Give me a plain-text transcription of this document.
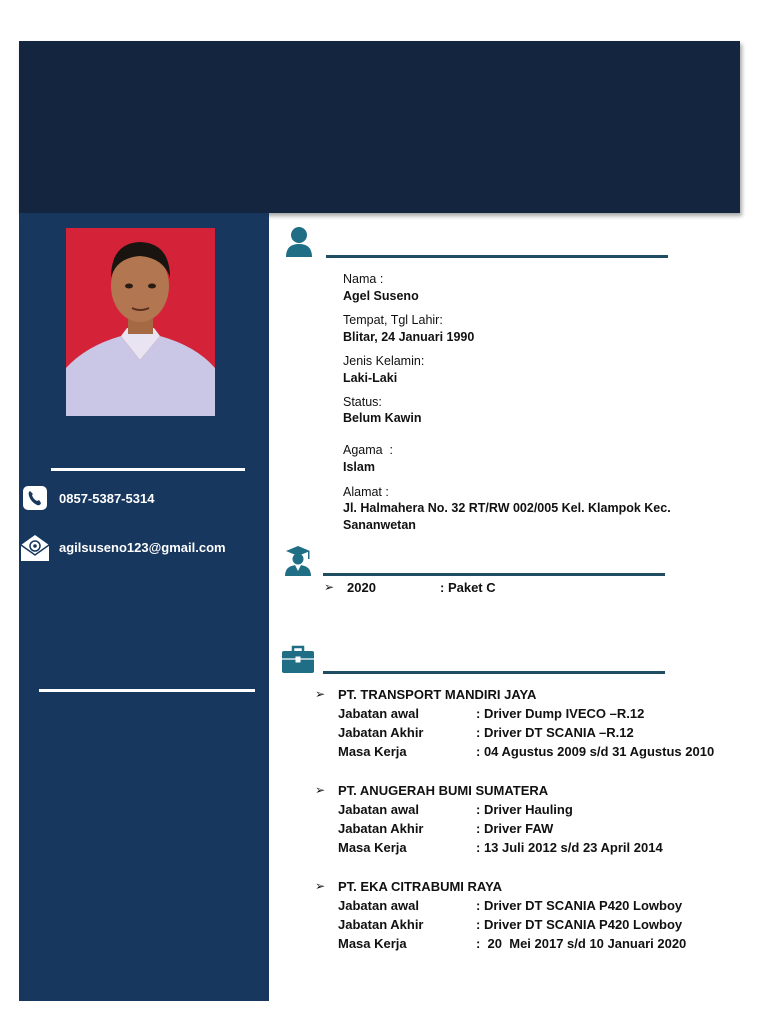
0857-5387-5314
agilsuseno123@gmail.com
Nama :
Agel Suseno
Tempat, Tgl Lahir:
Blitar, 24 Januari 1990
Jenis Kelamin:
Laki-Laki
Status:
Belum Kawin
Agama  :
Islam
Alamat :
Jl. Halmahera No. 32 RT/RW 002/005 Kel. Klampok Kec.
Sananwetan
➢ 2020	: Paket C
➢ PT. TRANSPORT MANDIRI JAYA
Jabatan awal	: Driver Dump IVECO –R.12
Jabatan Akhir	: Driver DT SCANIA –R.12
Masa Kerja	: 04 Agustus 2009 s/d 31 Agustus 2010
➢ PT. ANUGERAH BUMI SUMATERA
Jabatan awal	: Driver Hauling
Jabatan Akhir	: Driver FAW
Masa Kerja	: 13 Juli 2012 s/d 23 April 2014
➢ PT. EKA CITRABUMI RAYA
Jabatan awal	: Driver DT SCANIA P420 Lowboy
Jabatan Akhir	: Driver DT SCANIA P420 Lowboy
Masa Kerja	:  20  Mei 2017 s/d 10 Januari 2020
